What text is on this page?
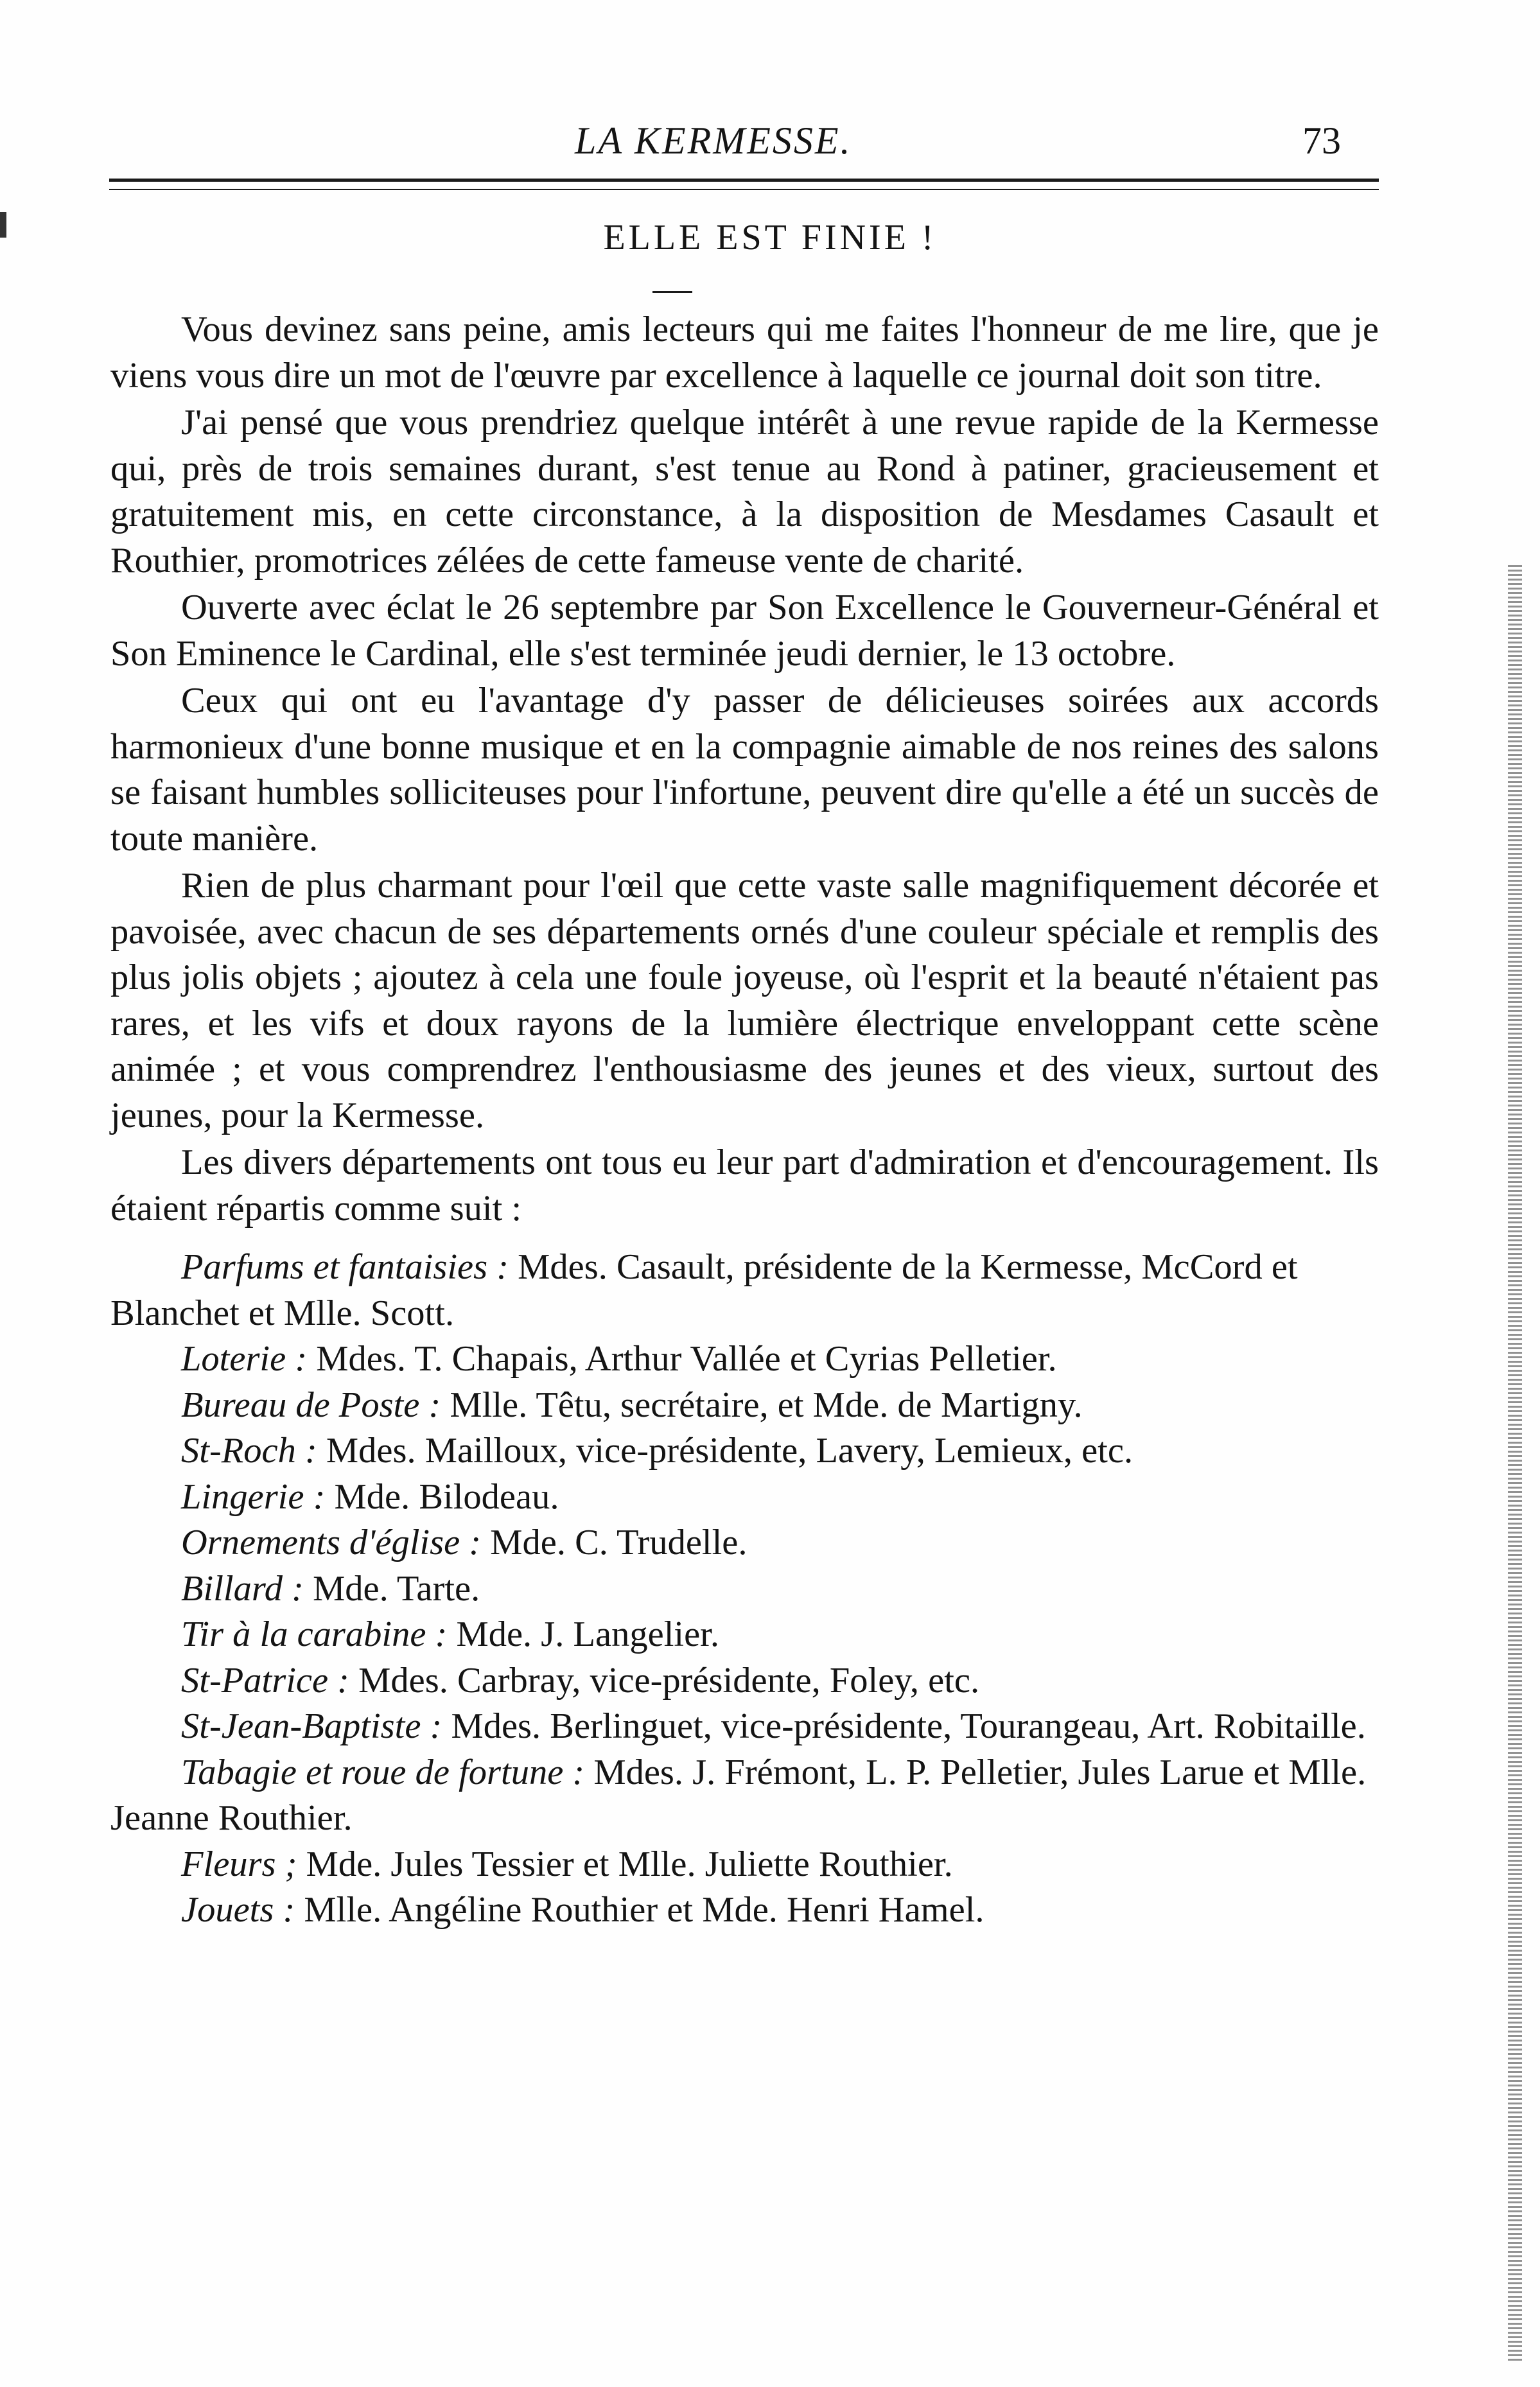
LA KERMESSE.	73
ELLE EST FINIE !

Vous devinez sans peine, amis lecteurs qui me faites l'honneur de me lire, que je viens vous dire un mot de l'œuvre par excellence à laquelle ce journal doit son titre.

J'ai pensé que vous prendriez quelque intérêt à une revue rapide de la Kermesse qui, près de trois semaines durant, s'est tenue au Rond à patiner, gracieusement et gratuitement mis, en cette circonstance, à la disposition de Mesdames Casault et Routhier, promotrices zélées de cette fameuse vente de charité.

Ouverte avec éclat le 26 septembre par Son Excellence le Gouverneur-Général et Son Eminence le Cardinal, elle s'est terminée jeudi dernier, le 13 octobre.

Ceux qui ont eu l'avantage d'y passer de délicieuses soirées aux accords harmonieux d'une bonne musique et en la compagnie aimable de nos reines des salons se faisant humbles solliciteuses pour l'infortune, peuvent dire qu'elle a été un succès de toute manière.

Rien de plus charmant pour l'œil que cette vaste salle magnifiquement décorée et pavoisée, avec chacun de ses départements ornés d'une couleur spéciale et remplis des plus jolis objets ; ajoutez à cela une foule joyeuse, où l'esprit et la beauté n'étaient pas rares, et les vifs et doux rayons de la lumière électrique enveloppant cette scène animée ; et vous comprendrez l'enthousiasme des jeunes et des vieux, surtout des jeunes, pour la Kermesse.

Les divers départements ont tous eu leur part d'admiration et d'encouragement. Ils étaient répartis comme suit :

Parfums et fantaisies : Mdes. Casault, présidente de la Kermesse, McCord et Blanchet et Mlle. Scott.

Loterie : Mdes. T. Chapais, Arthur Vallée et Cyrias Pelletier.

Bureau de Poste : Mlle. Têtu, secrétaire, et Mde. de Martigny.

St-Roch : Mdes. Mailloux, vice-présidente, Lavery, Lemieux, etc.

Lingerie : Mde. Bilodeau.

Ornements d'église : Mde. C. Trudelle.

Billard : Mde. Tarte.

Tir à la carabine : Mde. J. Langelier.

St-Patrice : Mdes. Carbray, vice-présidente, Foley, etc.

St-Jean-Baptiste : Mdes. Berlinguet, vice-présidente, Tourangeau, Art. Robitaille.

Tabagie et roue de fortune : Mdes. J. Frémont, L. P. Pelletier, Jules Larue et Mlle. Jeanne Routhier.

Fleurs ; Mde. Jules Tessier et Mlle. Juliette Routhier.

Jouets : Mlle. Angéline Routhier et Mde. Henri Hamel.
